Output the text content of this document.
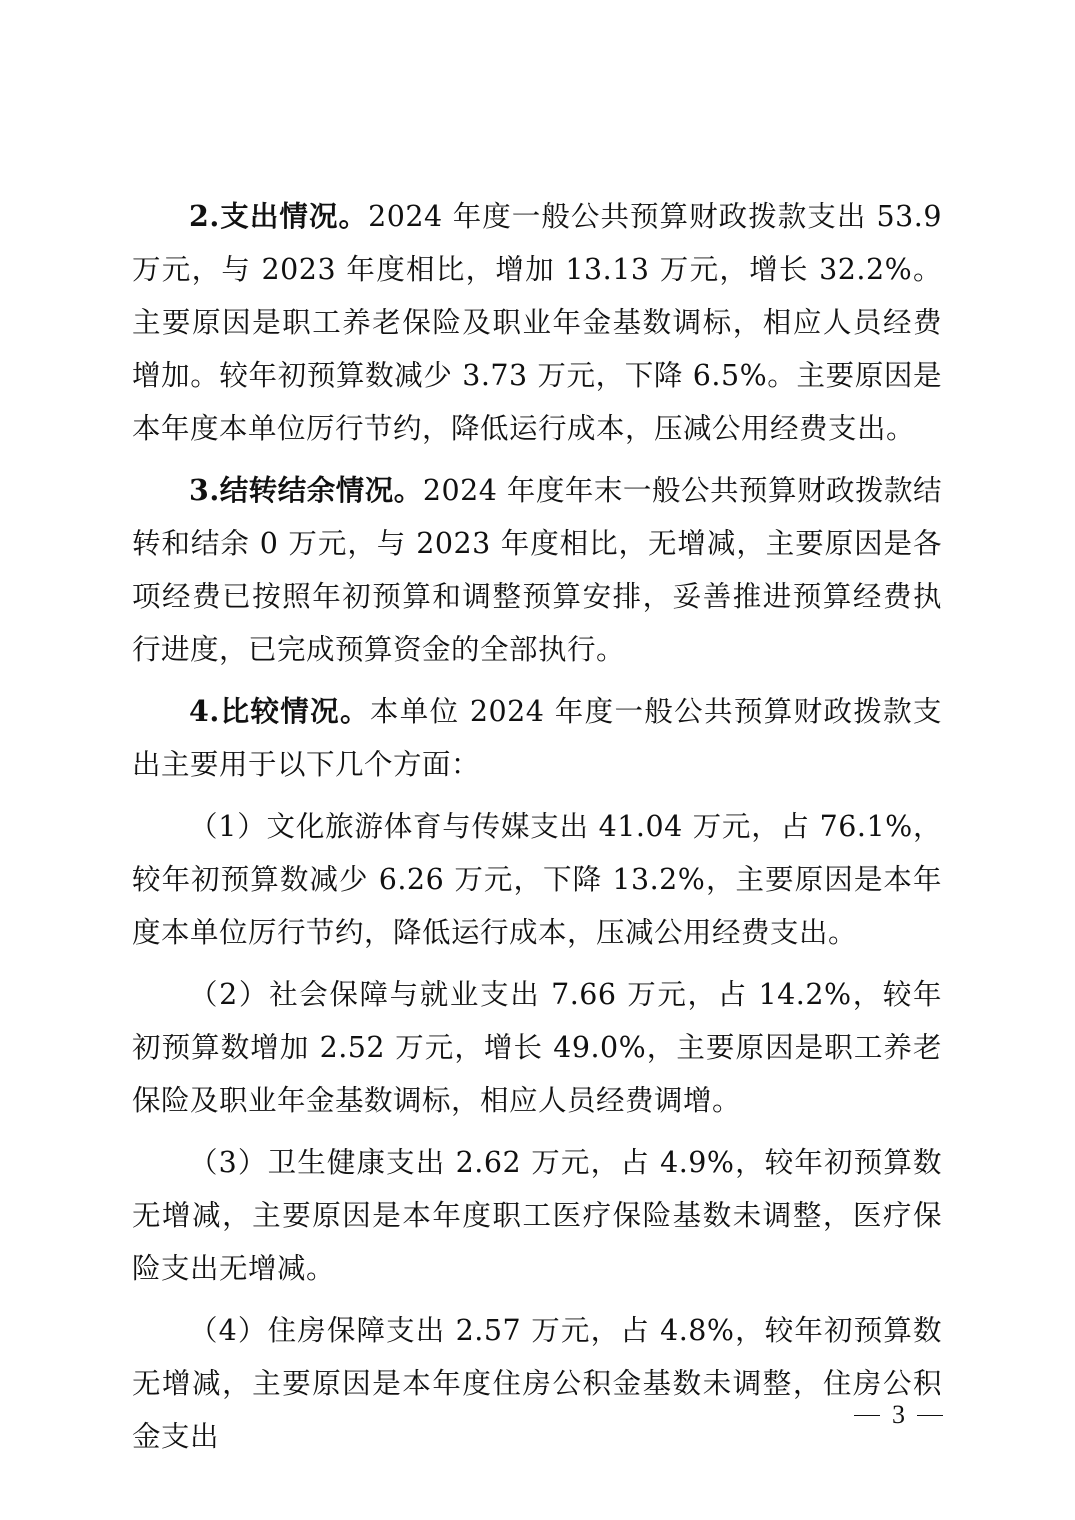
2.支出情况。2024 年度一般公共预算财政拨款支出 53.9 万元，与 2023 年度相比，增加 13.13 万元，增长 32.2%。主要原因是职工养老保险及职业年金基数调标，相应人员经费增加。较年初预算数减少 3.73 万元，下降 6.5%。主要原因是本年度本单位厉行节约，降低运行成本，压减公用经费支出。

3.结转结余情况。2024 年度年末一般公共预算财政拨款结转和结余 0 万元，与 2023 年度相比，无增减，主要原因是各项经费已按照年初预算和调整预算安排，妥善推进预算经费执行进度，已完成预算资金的全部执行。

4.比较情况。本单位 2024 年度一般公共预算财政拨款支出主要用于以下几个方面：

（1）文化旅游体育与传媒支出 41.04 万元，占 76.1%，较年初预算数减少 6.26 万元，下降 13.2%，主要原因是本年度本单位厉行节约，降低运行成本，压减公用经费支出。

（2）社会保障与就业支出 7.66 万元，占 14.2%，较年初预算数增加 2.52 万元，增长 49.0%，主要原因是职工养老保险及职业年金基数调标，相应人员经费调增。

（3）卫生健康支出 2.62 万元，占 4.9%，较年初预算数无增减，主要原因是本年度职工医疗保险基数未调整，医疗保险支出无增减。

（4）住房保障支出 2.57 万元，占 4.8%，较年初预算数无增减，主要原因是本年度住房公积金基数未调整，住房公积金支出

3
